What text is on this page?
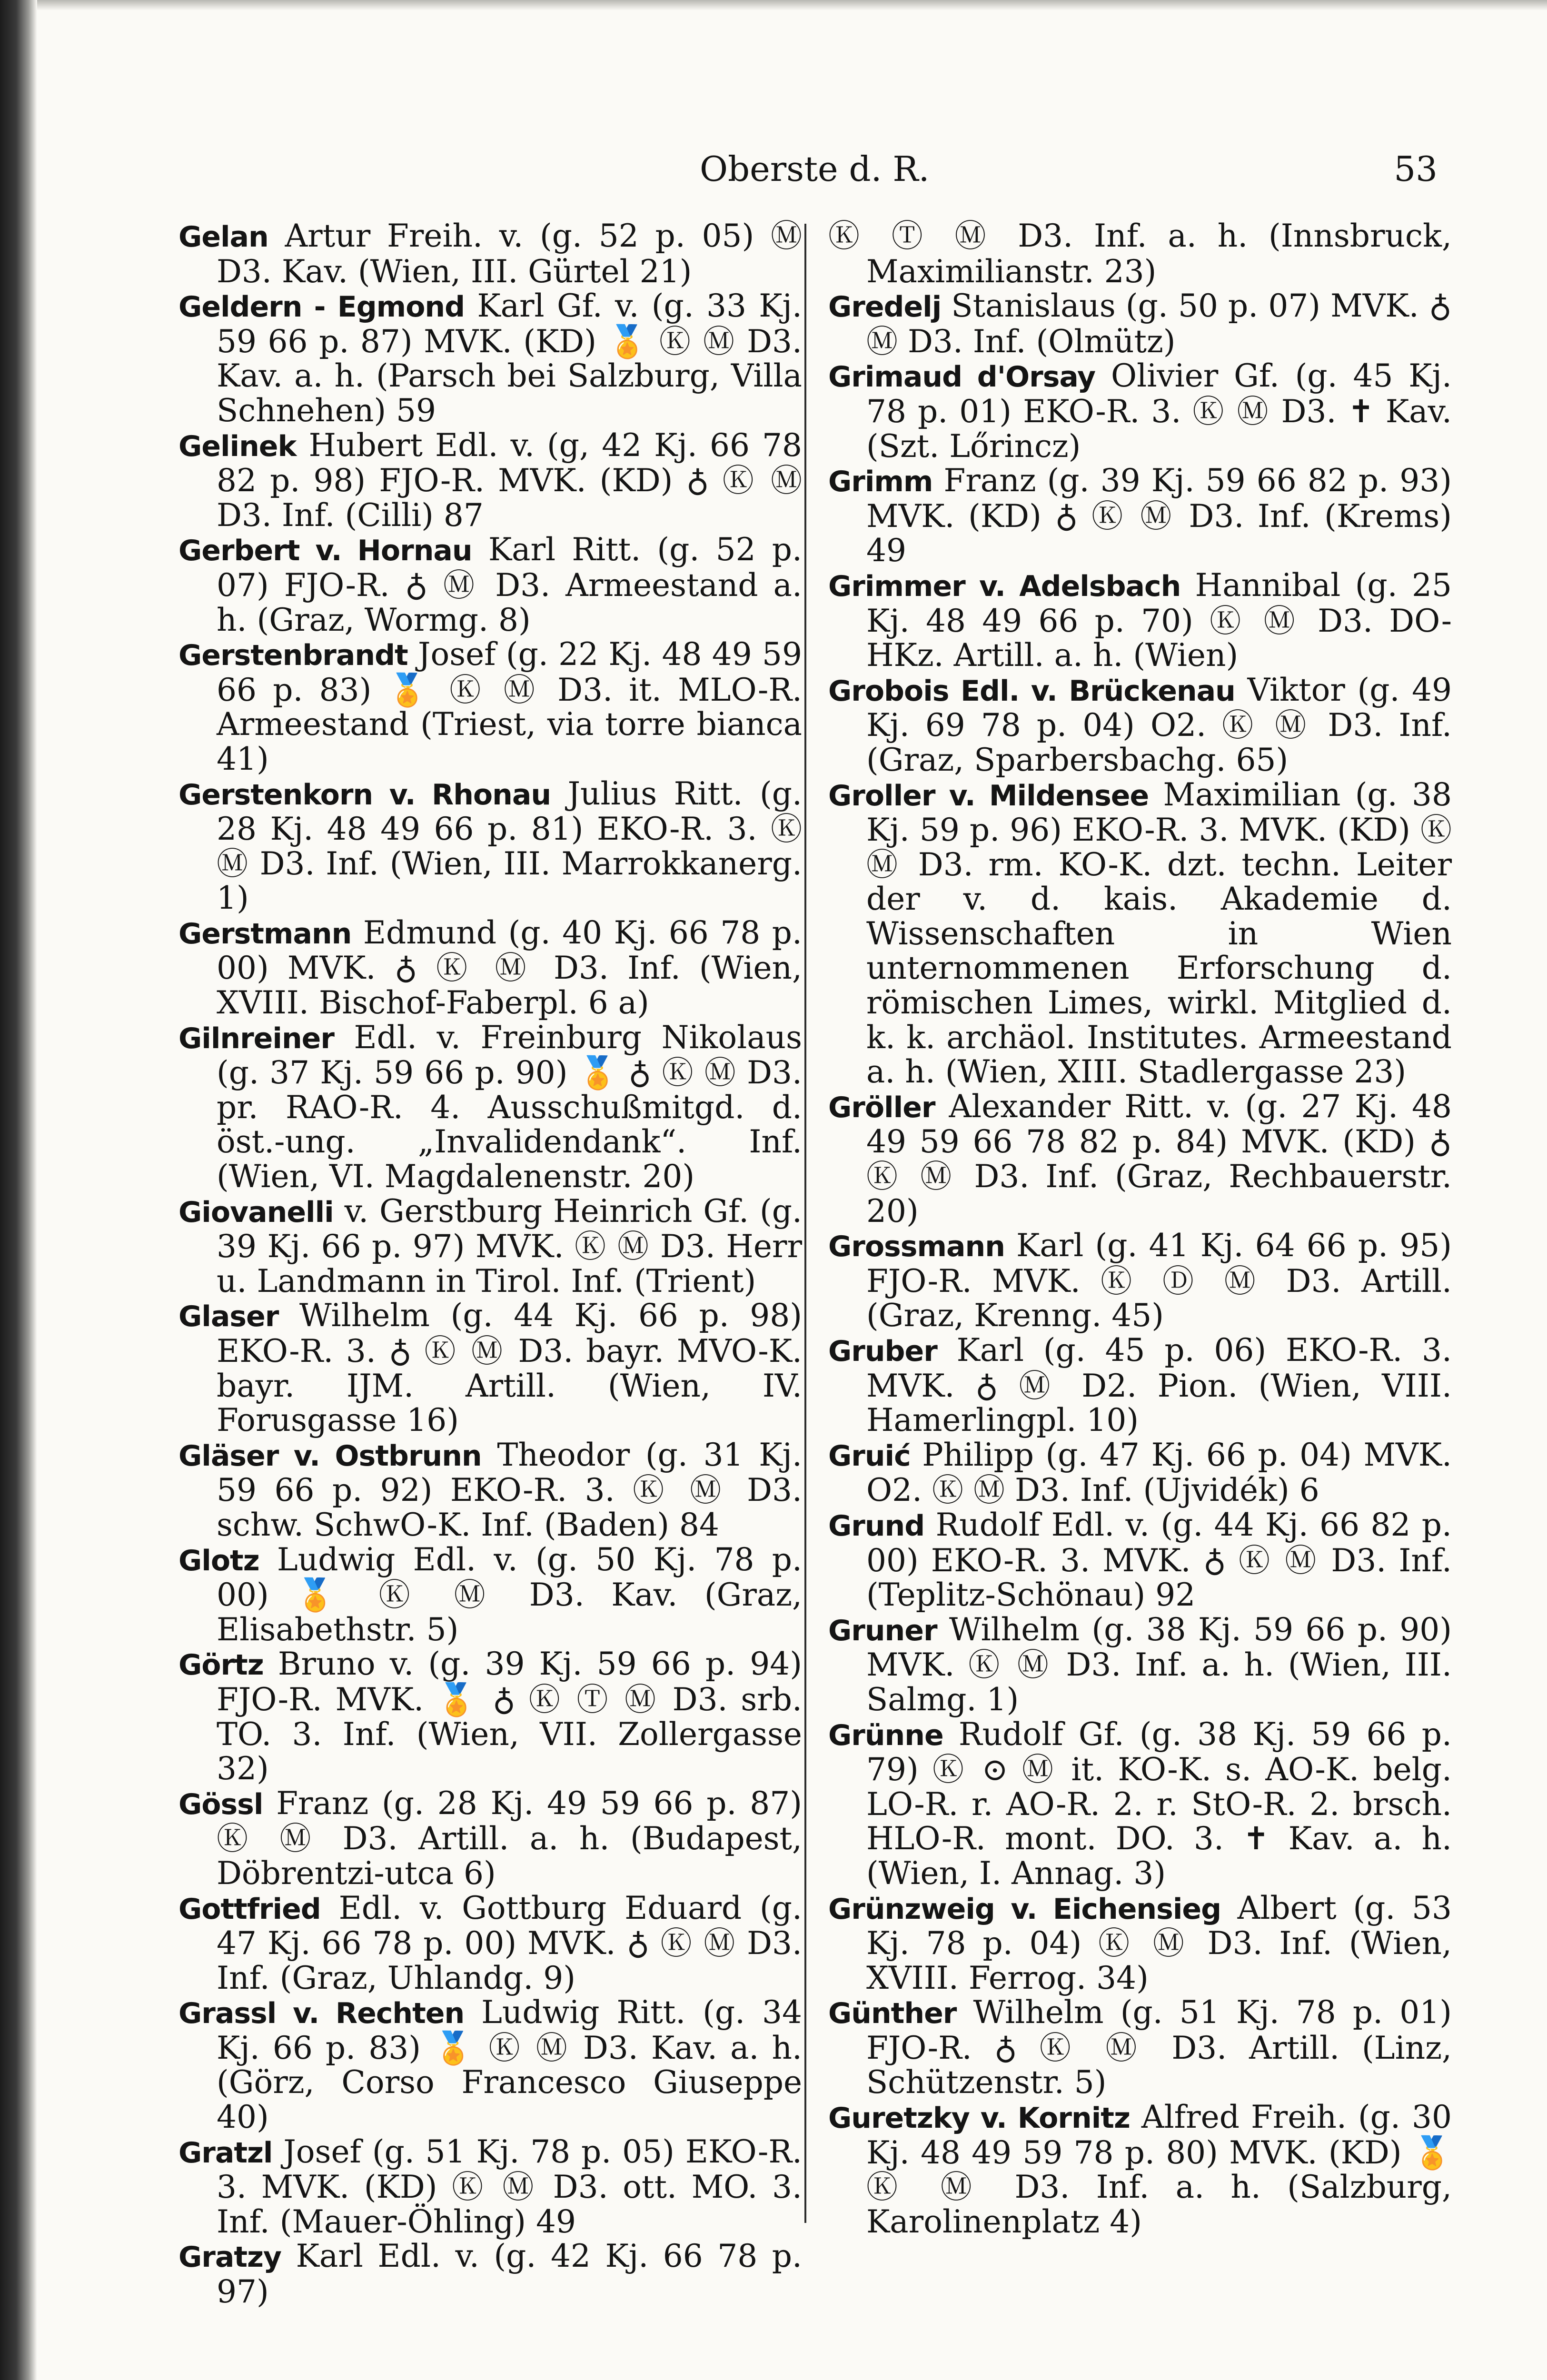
Oberste d. R.	53

Gelan Artur Freih. v. (g. 52 p. 05) Ⓜ D3. Kav. (Wien, III. Gürtel 21)

Geldern - Egmond Karl Gf. v. (g. 33 Kj. 59 66 p. 87) MVK. (KD) 🏅 Ⓚ Ⓜ D3. Kav. a. h. (Parsch bei Salzburg, Villa Schnehen) 59

Gelinek Hubert Edl. v. (g, 42 Kj. 66 78 82 p. 98) FJO-R. MVK. (KD) ♁ Ⓚ Ⓜ D3. Inf. (Cilli) 87

Gerbert v. Hornau Karl Ritt. (g. 52 p. 07) FJO-R. ♁ Ⓜ D3. Armeestand a. h. (Graz, Wormg. 8)

Gerstenbrandt Josef (g. 22 Kj. 48 49 59 66 p. 83) 🏅 Ⓚ Ⓜ D3. it. MLO-R. Armeestand (Triest, via torre bianca 41)

Gerstenkorn v. Rhonau Julius Ritt. (g. 28 Kj. 48 49 66 p. 81) EKO-R. 3. Ⓚ Ⓜ D3. Inf. (Wien, III. Marrokkanerg. 1)

Gerstmann Edmund (g. 40 Kj. 66 78 p. 00) MVK. ♁ Ⓚ Ⓜ D3. Inf. (Wien, XVIII. Bischof-Faberpl. 6 a)

Gilnreiner Edl. v. Freinburg Nikolaus (g. 37 Kj. 59 66 p. 90) 🏅 ♁ Ⓚ Ⓜ D3. pr. RAO-R. 4. Ausschußmitgd. d. öst.-ung. „Invalidendank“. Inf. (Wien, VI. Magdalenenstr. 20)

Giovanelli v. Gerstburg Heinrich Gf. (g. 39 Kj. 66 p. 97) MVK. Ⓚ Ⓜ D3. Herr u. Landmann in Tirol. Inf. (Trient)

Glaser Wilhelm (g. 44 Kj. 66 p. 98) EKO-R. 3. ♁ Ⓚ Ⓜ D3. bayr. MVO-K. bayr. IJM. Artill. (Wien, IV. Forusgasse 16)

Gläser v. Ostbrunn Theodor (g. 31 Kj. 59 66 p. 92) EKO-R. 3. Ⓚ Ⓜ D3. schw. SchwO-K. Inf. (Baden) 84

Glotz Ludwig Edl. v. (g. 50 Kj. 78 p. 00) 🏅 Ⓚ Ⓜ D3. Kav. (Graz, Elisabethstr. 5)

Görtz Bruno v. (g. 39 Kj. 59 66 p. 94) FJO-R. MVK. 🏅 ♁ Ⓚ Ⓣ Ⓜ D3. srb. TO. 3. Inf. (Wien, VII. Zollergasse 32)

Gössl Franz (g. 28 Kj. 49 59 66 p. 87) Ⓚ Ⓜ D3. Artill. a. h. (Budapest, Döbrentzi-utca 6)

Gottfried Edl. v. Gottburg Eduard (g. 47 Kj. 66 78 p. 00) MVK. ♁ Ⓚ Ⓜ D3. Inf. (Graz, Uhlandg. 9)

Grassl v. Rechten Ludwig Ritt. (g. 34 Kj. 66 p. 83) 🏅 Ⓚ Ⓜ D3. Kav. a. h. (Görz, Corso Francesco Giuseppe 40)

Gratzl Josef (g. 51 Kj. 78 p. 05) EKO-R. 3. MVK. (KD) Ⓚ Ⓜ D3. ott. MO. 3. Inf. (Mauer-Öhling) 49

Gratzy Karl Edl. v. (g. 42 Kj. 66 78 p. 97)

Ⓚ Ⓣ Ⓜ D3. Inf. a. h. (Innsbruck, Maximilianstr. 23)

Gredelj Stanislaus (g. 50 p. 07) MVK. ♁ Ⓜ D3. Inf. (Olmütz)

Grimaud d'Orsay Olivier Gf. (g. 45 Kj. 78 p. 01) EKO-R. 3. Ⓚ Ⓜ D3. ✝ Kav. (Szt. Lőrincz)

Grimm Franz (g. 39 Kj. 59 66 82 p. 93) MVK. (KD) ♁ Ⓚ Ⓜ D3. Inf. (Krems) 49

Grimmer v. Adelsbach Hannibal (g. 25 Kj. 48 49 66 p. 70) Ⓚ Ⓜ D3. DO-HKz. Artill. a. h. (Wien)

Grobois Edl. v. Brückenau Viktor (g. 49 Kj. 69 78 p. 04) O2. Ⓚ Ⓜ D3. Inf. (Graz, Sparbersbachg. 65)

Groller v. Mildensee Maximilian (g. 38 Kj. 59 p. 96) EKO-R. 3. MVK. (KD) Ⓚ Ⓜ D3. rm. KO-K. dzt. techn. Leiter der v. d. kais. Akademie d. Wissenschaften in Wien unternommenen Erforschung d. römischen Limes, wirkl. Mitglied d. k. k. archäol. Institutes. Armeestand a. h. (Wien, XIII. Stadlergasse 23)

Gröller Alexander Ritt. v. (g. 27 Kj. 48 49 59 66 78 82 p. 84) MVK. (KD) ♁ Ⓚ Ⓜ D3. Inf. (Graz, Rechbauerstr. 20)

Grossmann Karl (g. 41 Kj. 64 66 p. 95) FJO-R. MVK. Ⓚ Ⓓ Ⓜ D3. Artill. (Graz, Krenng. 45)

Gruber Karl (g. 45 p. 06) EKO-R. 3. MVK. ♁ Ⓜ D2. Pion. (Wien, VIII. Hamerlingpl. 10)

Gruić Philipp (g. 47 Kj. 66 p. 04) MVK. O2. Ⓚ Ⓜ D3. Inf. (Ujvidék) 6

Grund Rudolf Edl. v. (g. 44 Kj. 66 82 p. 00) EKO-R. 3. MVK. ♁ Ⓚ Ⓜ D3. Inf. (Teplitz-Schönau) 92

Gruner Wilhelm (g. 38 Kj. 59 66 p. 90) MVK. Ⓚ Ⓜ D3. Inf. a. h. (Wien, III. Salmg. 1)

Grünne Rudolf Gf. (g. 38 Kj. 59 66 p. 79) Ⓚ ⊙ Ⓜ it. KO-K. s. AO-K. belg. LO-R. r. AO-R. 2. r. StO-R. 2. brsch. HLO-R. mont. DO. 3. ✝ Kav. a. h. (Wien, I. Annag. 3)

Grünzweig v. Eichensieg Albert (g. 53 Kj. 78 p. 04) Ⓚ Ⓜ D3. Inf. (Wien, XVIII. Ferrog. 34)

Günther Wilhelm (g. 51 Kj. 78 p. 01) FJO-R. ♁ Ⓚ Ⓜ D3. Artill. (Linz, Schützenstr. 5)

Guretzky v. Kornitz Alfred Freih. (g. 30 Kj. 48 49 59 78 p. 80) MVK. (KD) 🏅 Ⓚ Ⓜ D3. Inf. a. h. (Salzburg, Karolinenplatz 4)
